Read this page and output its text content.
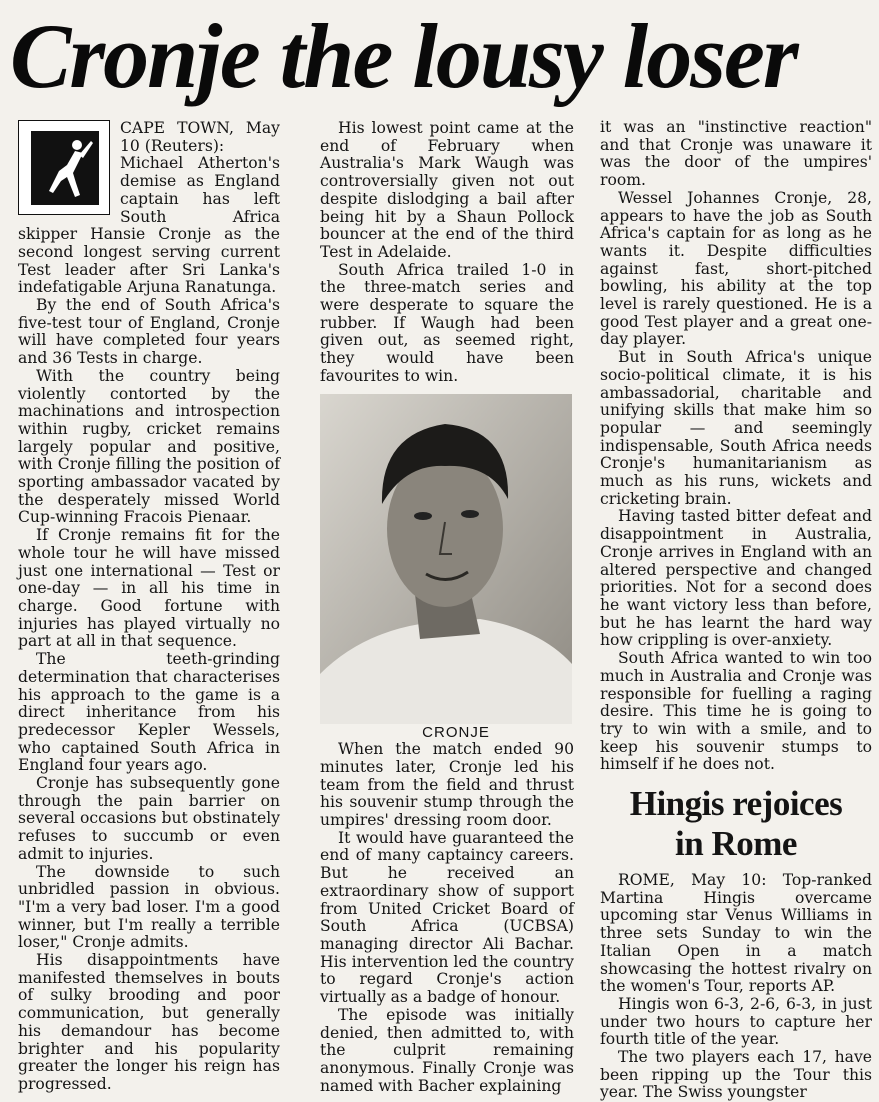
Cronje the lousy loser

CAPE TOWN, May 10 (Reuters):

Michael Atherton's demise as England captain has left South Africa skipper Hansie Cronje as the second longest serving current Test leader after Sri Lanka's indefatigable Arjuna Ranatunga.

By the end of South Africa's five-test tour of England, Cronje will have completed four years and 36 Tests in charge.

With the country being violently contorted by the machinations and introspection within rugby, cricket remains largely popular and positive, with Cronje filling the position of sporting ambassador vacated by the desperately missed World Cup-winning Fracois Pienaar.

If Cronje remains fit for the whole tour he will have missed just one international — Test or one-day — in all his time in charge. Good fortune with injuries has played virtually no part at all in that sequence.

The teeth-grinding determination that characterises his approach to the game is a direct inheritance from his predecessor Kepler Wessels, who captained South Africa in England four years ago.

Cronje has subsequently gone through the pain barrier on several occasions but obstinately refuses to succumb or even admit to injuries.

The downside to such unbridled passion in obvious. "I'm a very bad loser. I'm a good winner, but I'm really a terrible loser," Cronje admits.

His disappointments have manifested themselves in bouts of sulky brooding and poor communication, but generally his demandour has become brighter and his popularity greater the longer his reign has progressed.

His lowest point came at the end of February when Australia's Mark Waugh was controversially given not out despite dislodging a bail after being hit by a Shaun Pollock bouncer at the end of the third Test in Adelaide.

South Africa trailed 1-0 in the three-match series and were desperate to square the rubber. If Waugh had been given out, as seemed right, they would have been favourites to win.

CRONJE

When the match ended 90 minutes later, Cronje led his team from the field and thrust his souvenir stump through the umpires' dressing room door.

It would have guaranteed the end of many captaincy careers. But he received an extraordinary show of support from United Cricket Board of South Africa (UCBSA) managing director Ali Bachar. His intervention led the country to regard Cronje's action virtually as a badge of honour.

The episode was initially denied, then admitted to, with the culprit remaining anonymous. Finally Cronje was named with Bacher explaining

it was an "instinctive reaction" and that Cronje was unaware it was the door of the umpires' room.

Wessel Johannes Cronje, 28, appears to have the job as South Africa's captain for as long as he wants it. Despite difficulties against fast, short-pitched bowling, his ability at the top level is rarely questioned. He is a good Test player and a great one-day player.

But in South Africa's unique socio-political climate, it is his ambassadorial, charitable and unifying skills that make him so popular — and seemingly indispensable, South Africa needs Cronje's humanitarianism as much as his runs, wickets and cricketing brain.

Having tasted bitter defeat and disappointment in Australia, Cronje arrives in England with an altered perspective and changed priorities. Not for a second does he want victory less than before, but he has learnt the hard way how crippling is over-anxiety.

South Africa wanted to win too much in Australia and Cronje was responsible for fuelling a raging desire. This time he is going to try to win with a smile, and to keep his souvenir stumps to himself if he does not.

Hingis rejoices
in Rome

ROME, May 10: Top-ranked Martina Hingis overcame upcoming star Venus Williams in three sets Sunday to win the Italian Open in a match showcasing the hottest rivalry on the women's Tour, reports AP.

Hingis won 6-3, 2-6, 6-3, in just under two hours to capture her fourth title of the year.

The two players each 17, have been ripping up the Tour this year. The Swiss youngster
